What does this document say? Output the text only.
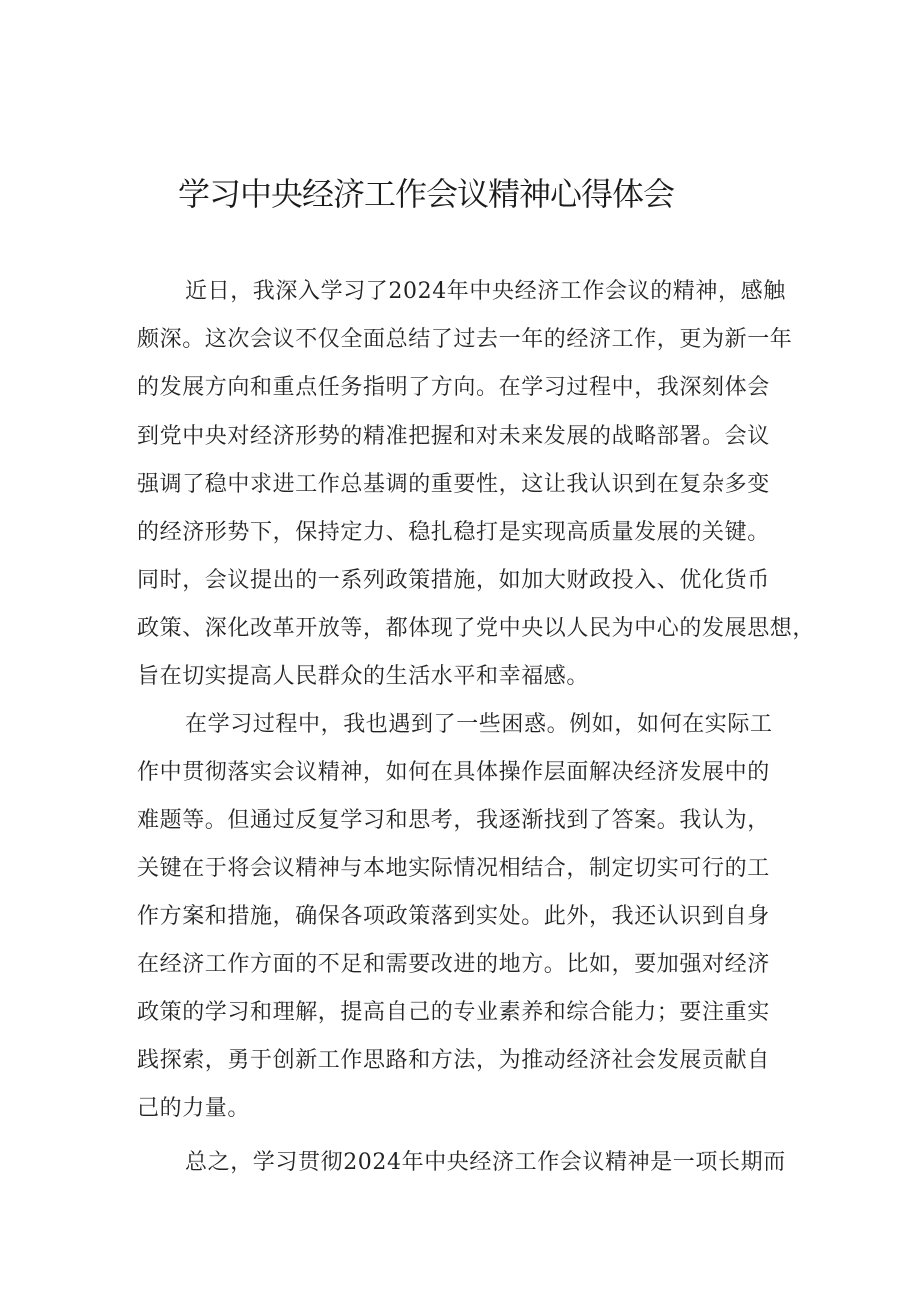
学习中央经济工作会议精神心得体会

近日，我深入学习了2024年中央经济工作会议的精神，感触

颇深。这次会议不仅全面总结了过去一年的经济工作，更为新一年

的发展方向和重点任务指明了方向。在学习过程中，我深刻体会

到党中央对经济形势的精准把握和对未来发展的战略部署。会议

强调了稳中求进工作总基调的重要性，这让我认识到在复杂多变

的经济形势下，保持定力、稳扎稳打是实现高质量发展的关键。

同时，会议提出的一系列政策措施，如加大财政投入、优化货币

政策、深化改革开放等，都体现了党中央以人民为中心的发展思想，

旨在切实提高人民群众的生活水平和幸福感。

在学习过程中，我也遇到了一些困惑。例如，如何在实际工

作中贯彻落实会议精神，如何在具体操作层面解决经济发展中的

难题等。但通过反复学习和思考，我逐渐找到了答案。我认为，

关键在于将会议精神与本地实际情况相结合，制定切实可行的工

作方案和措施，确保各项政策落到实处。此外，我还认识到自身

在经济工作方面的不足和需要改进的地方。比如，要加强对经济

政策的学习和理解，提高自己的专业素养和综合能力；要注重实

践探索，勇于创新工作思路和方法，为推动经济社会发展贡献自

己的力量。

总之，学习贯彻2024年中央经济工作会议精神是一项长期而
